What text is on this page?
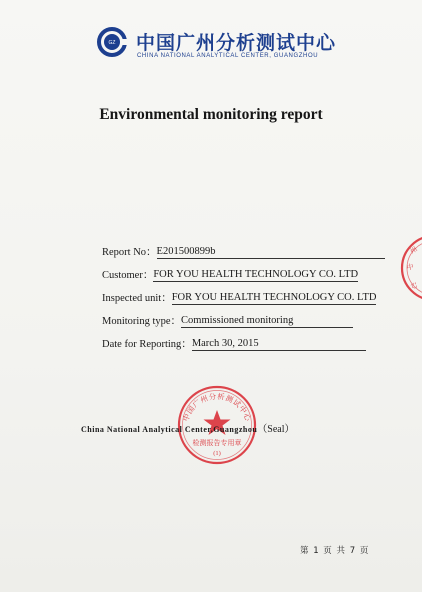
GZ 中国广州分析测试中心
CHINA NATIONAL ANALYTICAL CENTER, GUANGZHOU
Environmental monitoring report
Report No： E201500899b
Customer： FOR YOU HEALTH TECHNOLOGY CO. LTD
Inspected unit： FOR YOU HEALTH TECHNOLOGY CO. LTD
Monitoring type： Commissioned monitoring
Date for Reporting： March 30, 2015
州
中
心
中国广州分析测试中心
检测报告专用章
(1)
China National Analytical Center,Guangzhou（Seal）
第 1 页 共 7 页
